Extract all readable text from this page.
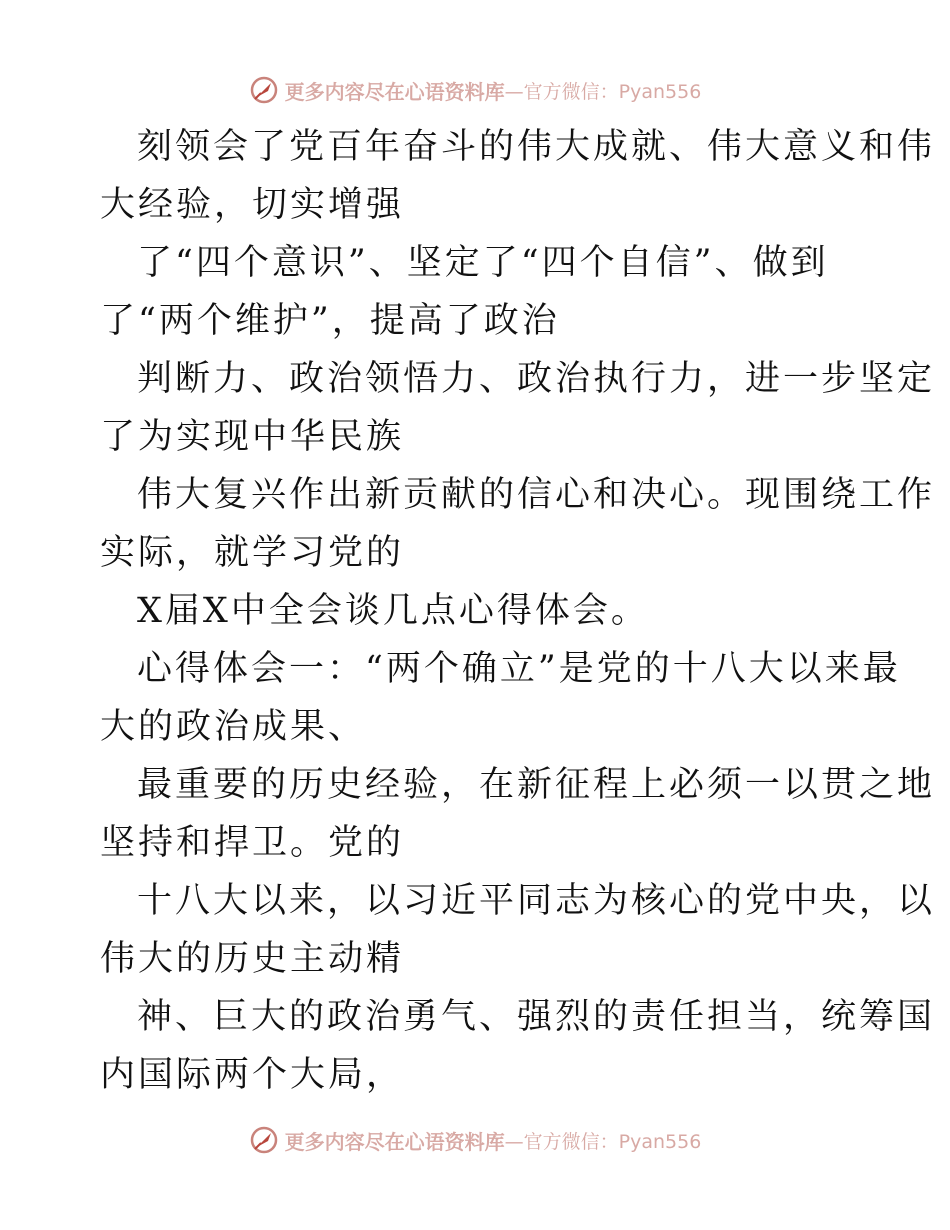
更多内容尽在心语资料库 —官方微信：Pyan556
刻领会了党百年奋斗的伟大成就、伟大意义和伟
大经验，切实增强
了“四个意识”、坚定了“四个自信”、做到
了“两个维护”，提高了政治
判断力、政治领悟力、政治执行力，进一步坚定
了为实现中华民族
伟大复兴作出新贡献的信心和决心。现围绕工作
实际，就学习党的
X届X中全会谈几点心得体会。
心得体会一：“两个确立”是党的十八大以来最
大的政治成果、
最重要的历史经验，在新征程上必须一以贯之地
坚持和捍卫。党的
十八大以来，以习近平同志为核心的党中央，以
伟大的历史主动精
神、巨大的政治勇气、强烈的责任担当，统筹国
内国际两个大局，
更多内容尽在心语资料库 —官方微信：Pyan556
